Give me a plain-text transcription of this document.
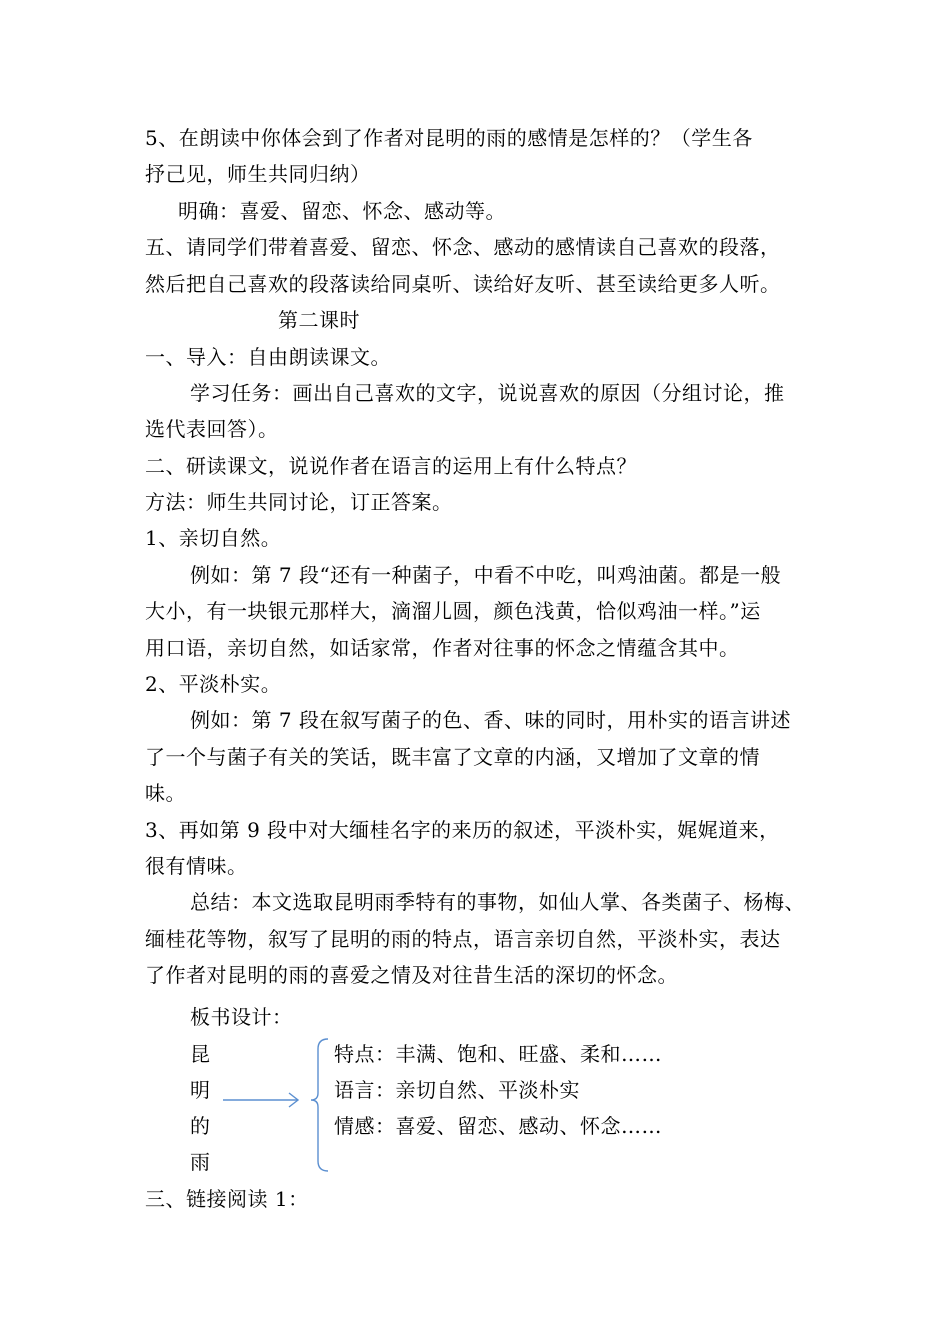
5、在朗读中你体会到了作者对昆明的雨的感情是怎样的？（学生各
抒己见，师生共同归纳）
明确：喜爱、留恋、怀念、感动等。
五、请同学们带着喜爱、留恋、怀念、感动的感情读自己喜欢的段落，
然后把自己喜欢的段落读给同桌听、读给好友听、甚至读给更多人听。
第二课时
一、导入：自由朗读课文。
学习任务：画出自己喜欢的文字，说说喜欢的原因（分组讨论，推
选代表回答）。
二、研读课文，说说作者在语言的运用上有什么特点？
方法：师生共同讨论，订正答案。
1、亲切自然。
例如：第 7 段“还有一种菌子，中看不中吃，叫鸡油菌。都是一般
大小，有一块银元那样大，滴溜儿圆，颜色浅黄，恰似鸡油一样。”运
用口语，亲切自然，如话家常，作者对往事的怀念之情蕴含其中。
2、平淡朴实。
例如：第 7 段在叙写菌子的色、香、味的同时，用朴实的语言讲述
了一个与菌子有关的笑话，既丰富了文章的内涵，又增加了文章的情
味。
3、再如第 9 段中对大缅桂名字的来历的叙述，平淡朴实，娓娓道来，
很有情味。
总结：本文选取昆明雨季特有的事物，如仙人掌、各类菌子、杨梅、
缅桂花等物，叙写了昆明的雨的特点，语言亲切自然，平淡朴实，表达
了作者对昆明的雨的喜爱之情及对往昔生活的深切的怀念。
板书设计：
昆
明
的
雨
特点：丰满、饱和、旺盛、柔和……
语言：亲切自然、平淡朴实
情感：喜爱、留恋、感动、怀念……
三、链接阅读 1：
